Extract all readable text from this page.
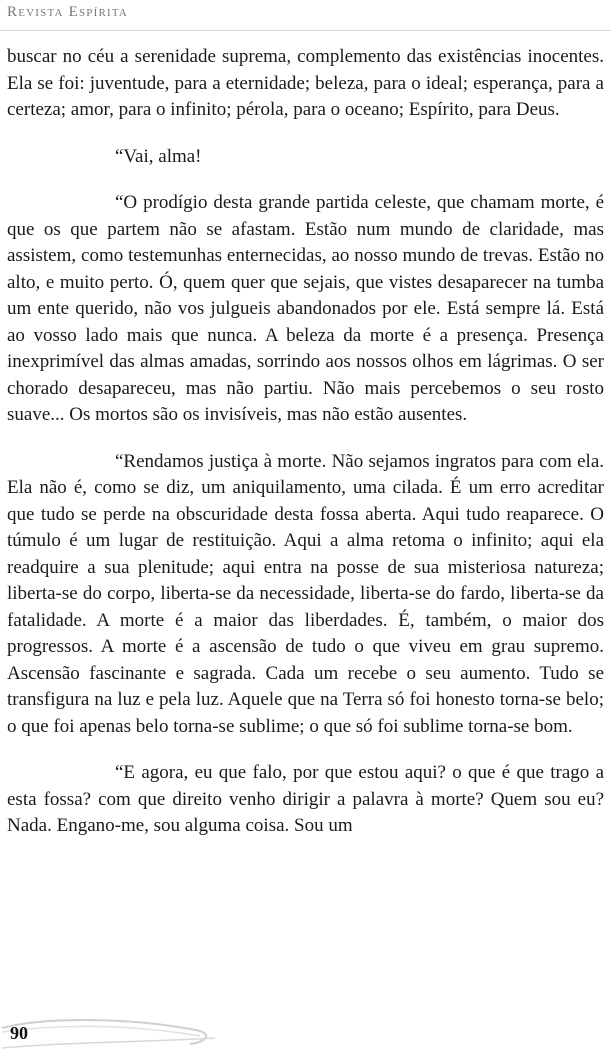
Revista Espírita

buscar no céu a serenidade suprema, complemento das existências inocentes. Ela se foi: juventude, para a eternidade; beleza, para o ideal; esperança, para a certeza; amor, para o infinito; pérola, para o oceano; Espírito, para Deus.

“Vai, alma!

“O prodígio desta grande partida celeste, que chamam morte, é que os que partem não se afastam. Estão num mundo de claridade, mas assistem, como testemunhas enternecidas, ao nosso mundo de trevas. Estão no alto, e muito perto. Ó, quem quer que sejais, que vistes desaparecer na tumba um ente querido, não vos julgueis abandonados por ele. Está sempre lá. Está ao vosso lado mais que nunca. A beleza da morte é a presença. Presença inexprimível das almas amadas, sorrindo aos nossos olhos em lágrimas. O ser chorado desapareceu, mas não partiu. Não mais percebemos o seu rosto suave... Os mortos são os invisíveis, mas não estão ausentes.

“Rendamos justiça à morte. Não sejamos ingratos para com ela. Ela não é, como se diz, um aniquilamento, uma cilada. É um erro acreditar que tudo se perde na obscuridade desta fossa aberta. Aqui tudo reaparece. O túmulo é um lugar de restituição. Aqui a alma retoma o infinito; aqui ela readquire a sua plenitude; aqui entra na posse de sua misteriosa natureza; liberta-se do corpo, liberta-se da necessidade, liberta-se do fardo, liberta-se da fatalidade. A morte é a maior das liberdades. É, também, o maior dos progressos. A morte é a ascensão de tudo o que viveu em grau supremo. Ascensão fascinante e sagrada. Cada um recebe o seu aumento. Tudo se transfigura na luz e pela luz. Aquele que na Terra só foi honesto torna-se belo; o que foi apenas belo torna-se sublime; o que só foi sublime torna-se bom.

“E agora, eu que falo, por que estou aqui? o que é que trago a esta fossa? com que direito venho dirigir a palavra à morte? Quem sou eu? Nada. Engano-me, sou alguma coisa. Sou um

90
